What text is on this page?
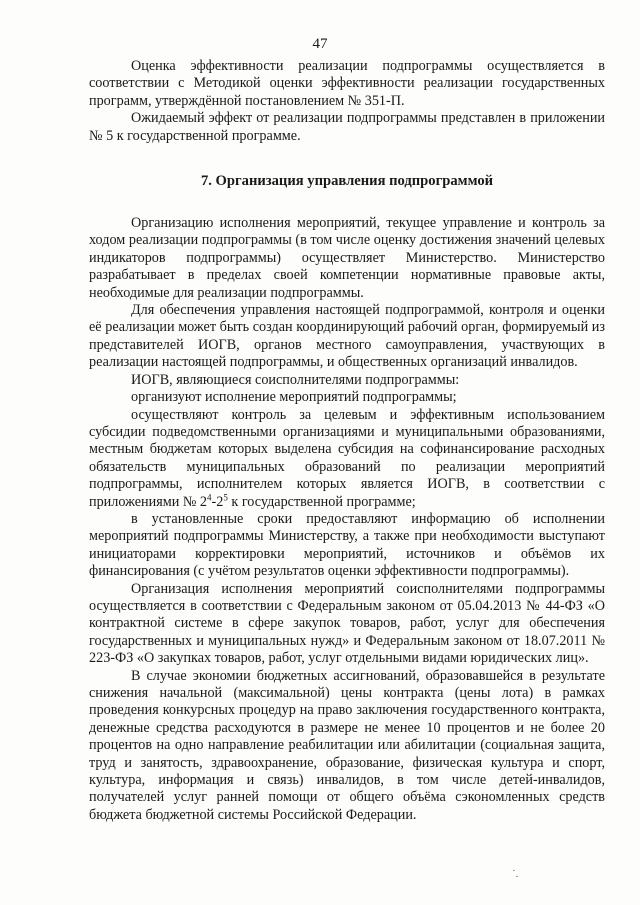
47

Оценка эффективности реализации подпрограммы осуществляется в соответствии с Методикой оценки эффективности реализации государственных программ, утверждённой постановлением № 351-П.

Ожидаемый эффект от реализации подпрограммы представлен в приложении № 5 к государственной программе.

7. Организация управления подпрограммой

Организацию исполнения мероприятий, текущее управление и контроль за ходом реализации подпрограммы (в том числе оценку достижения значений целевых индикаторов подпрограммы) осуществляет Министерство. Министерство разрабатывает в пределах своей компетенции нормативные правовые акты, необходимые для реализации подпрограммы.

Для обеспечения управления настоящей подпрограммой, контроля и оценки её реализации может быть создан координирующий рабочий орган, формируемый из представителей ИОГВ, органов местного самоуправления, участвующих в реализации настоящей подпрограммы, и общественных организаций инвалидов.

ИОГВ, являющиеся соисполнителями подпрограммы:

организуют исполнение мероприятий подпрограммы;

осуществляют контроль за целевым и эффективным использованием субсидии подведомственными организациями и муниципальными образованиями, местным бюджетам которых выделена субсидия на софинансирование расходных обязательств муниципальных образований по реализации мероприятий подпрограммы, исполнителем которых является ИОГВ, в соответствии с приложениями № $2^4-2^5$ к государственной программе;

в установленные сроки предоставляют информацию об исполнении мероприятий подпрограммы Министерству, а также при необходимости выступают инициаторами корректировки мероприятий, источников и объёмов их финансирования (с учётом результатов оценки эффективности подпрограммы).

Организация исполнения мероприятий соисполнителями подпрограммы осуществляется в соответствии с Федеральным законом от 05.04.2013 № 44-ФЗ «О контрактной системе в сфере закупок товаров, работ, услуг для обеспечения государственных и муниципальных нужд» и Федеральным законом от 18.07.2011 № 223-ФЗ «О закупках товаров, работ, услуг отдельными видами юридических лиц».

В случае экономии бюджетных ассигнований, образовавшейся в результате снижения начальной (максимальной) цены контракта (цены лота) в рамках проведения конкурсных процедур на право заключения государственного контракта, денежные средства расходуются в размере не менее 10 процентов и не более 20 процентов на одно направление реабилитации или абилитации (социальная защита, труд и занятость, здравоохранение, образование, физическая культура и спорт, культура, информация и связь) инвалидов, в том числе детей-инвалидов, получателей услуг ранней помощи от общего объёма сэкономленных средств бюджета бюджетной системы Российской Федерации.

˙.
